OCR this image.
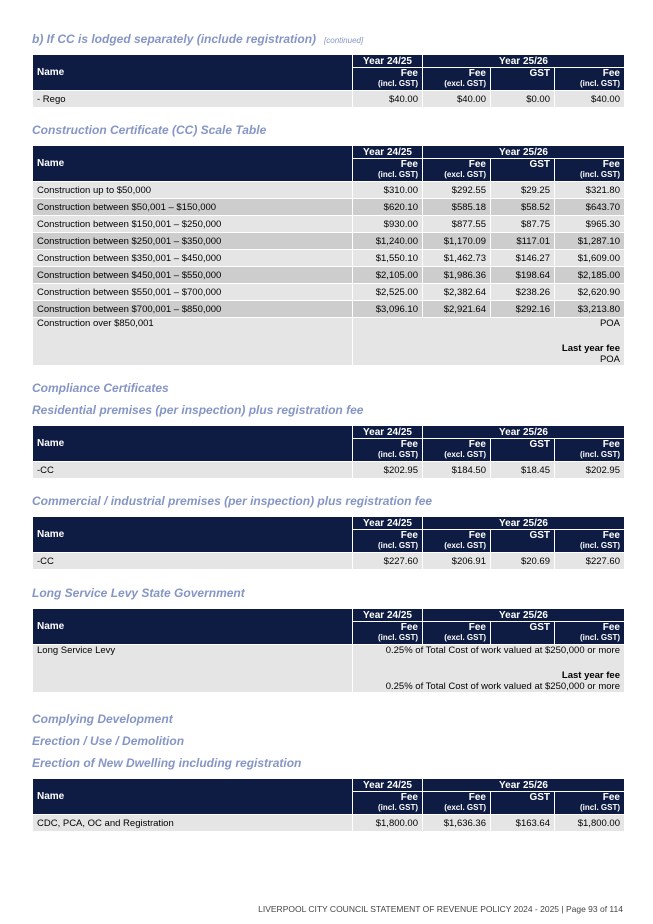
b) If CC is lodged separately (include registration) [continued]
Name	Year 24/25	Year 25/26		
	Fee	Fee	GST	Fee
	(incl. GST)	(excl. GST)		(incl. GST)
- Rego	$40.00	$40.00	$0.00	$40.00
Construction Certificate (CC) Scale Table
Name	Year 24/25	Year 25/26		
	Fee	Fee	GST	Fee
	(incl. GST)	(excl. GST)		(incl. GST)
Construction up to $50,000	$310.00	$292.55	$29.25	$321.80
Construction between $50,001 – $150,000	$620.10	$585.18	$58.52	$643.70
Construction between $150,001 – $250,000	$930.00	$877.55	$87.75	$965.30
Construction between $250,001 – $350,000	$1,240.00	$1,170.09	$117.01	$1,287.10
Construction between $350,001 – $450,000	$1,550.10	$1,462.73	$146.27	$1,609.00
Construction between $450,001 – $550,000	$2,105.00	$1,986.36	$198.64	$2,185.00
Construction between $550,001 – $700,000	$2,525.00	$2,382.64	$238.26	$2,620.90
Construction between $700,001 – $850,000	$3,096.10	$2,921.64	$292.16	$3,213.80
Construction over $850,001	POA
Last year fee
POA			
Compliance Certificates
Residential premises (per inspection) plus registration fee
Name	Year 24/25	Year 25/26		
	Fee	Fee	GST	Fee
	(incl. GST)	(excl. GST)		(incl. GST)
-CC	$202.95	$184.50	$18.45	$202.95
Commercial / industrial premises (per inspection) plus registration fee
Name	Year 24/25	Year 25/26		
	Fee	Fee	GST	Fee
	(incl. GST)	(excl. GST)		(incl. GST)
-CC	$227.60	$206.91	$20.69	$227.60
Long Service Levy State Government
Name	Year 24/25	Year 25/26		
	Fee	Fee	GST	Fee
	(incl. GST)	(excl. GST)		(incl. GST)
Long Service Levy	0.25% of Total Cost of work valued at $250,000 or more
Last year fee
0.25% of Total Cost of work valued at $250,000 or more			
Complying Development
Erection / Use / Demolition
Erection of New Dwelling including registration
Name	Year 24/25	Year 25/26		
	Fee	Fee	GST	Fee
	(incl. GST)	(excl. GST)		(incl. GST)
CDC, PCA, OC and Registration	$1,800.00	$1,636.36	$163.64	$1,800.00
LIVERPOOL CITY COUNCIL STATEMENT OF REVENUE POLICY 2024 - 2025 | Page 93 of 114
